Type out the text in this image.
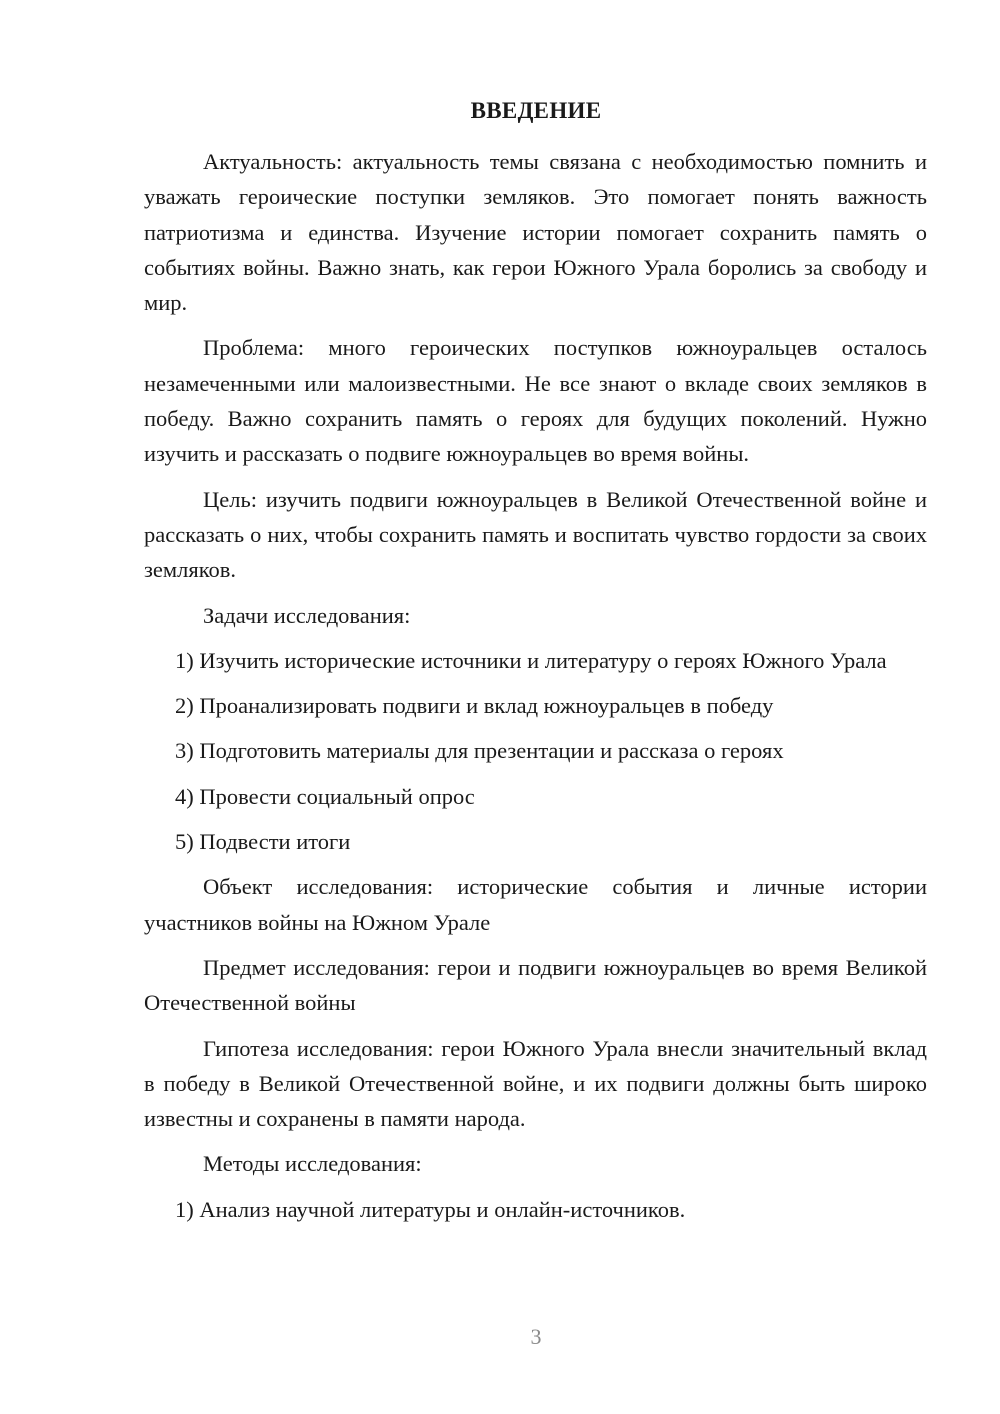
ВВЕДЕНИЕ

Актуальность: актуальность темы связана с необходимостью помнить и уважать героические поступки земляков. Это помогает понять важность патриотизма и единства. Изучение истории помогает сохранить память о событиях войны. Важно знать, как герои Южного Урала боролись за свободу и мир.

Проблема: много героических поступков южноуральцев осталось незамеченными или малоизвестными. Не все знают о вкладе своих земляков в победу. Важно сохранить память о героях для будущих поколений. Нужно изучить и рассказать о подвиге южноуральцев во время войны.

Цель: изучить подвиги южноуральцев в Великой Отечественной войне и рассказать о них, чтобы сохранить память и воспитать чувство гордости за своих земляков.

Задачи исследования:

1) Изучить исторические источники и литературу о героях Южного Урала

2) Проанализировать подвиги и вклад южноуральцев в победу

3) Подготовить материалы для презентации и рассказа о героях

4) Провести социальный опрос

5) Подвести итоги

Объект исследования: исторические события и личные истории участников войны на Южном Урале

Предмет исследования: герои и подвиги южноуральцев во время Великой Отечественной войны

Гипотеза исследования: герои Южного Урала внесли значительный вклад в победу в Великой Отечественной войне, и их подвиги должны быть широко известны и сохранены в памяти народа.

Методы исследования:

1) Анализ научной литературы и онлайн-источников.

3
